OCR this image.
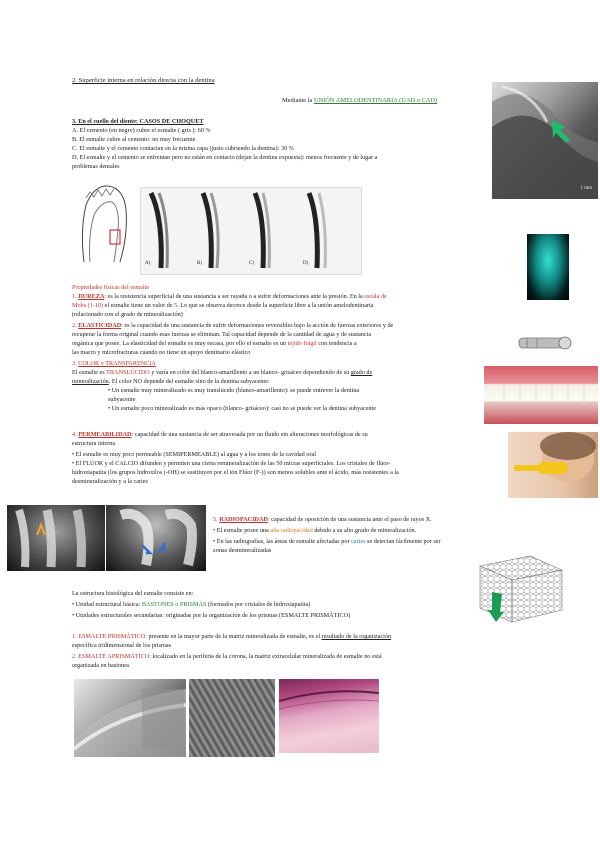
2. Superficie interna en relación directa con la dentina
Mediante la UNIÓN AMELODENTINARIA (UAD o CAD)
1 mm
3. En el cuello del diente: CASOS DE CHOQUET
A. El cemento (en negro) cubre el esmalte ( gris ): 60 %
B. El esmalte cubre al cemento: no muy frecuente
C. El esmalte y el cemento contactan en la misma capa (justo cubriendo la dentina): 30 %
D. El esmalte y el cemento se enfrentan pero no están en contacto (dejan la dentina expuesta): menos frecuente y de lugar a
problemas dentales
A)	B)	C)	D)
Propiedades físicas del esmalte
1. DUREZA: es la resistencia superficial de una sustancia a ser rayada o a sufrir deformaciones ante la presión. En la escala de
Mohs (1-10) el esmalte tiene un valor de 5. Lo que se observa decrece desde la superficie libre a la unión amelodentinaria
(relacionado con el grado de mineralización)
2. ELASTICIDAD: es la capacidad de una sustancia de sufrir deformaciones reversibles bajo la acción de fuerzas exteriores y de
recuperar la forma original cuando esas fuerzas se eliminan. Tal capacidad depende de la cantidad de agua y de sustancia
orgánica que posee. La elasticidad del esmalte es muy escasa, por ello el esmalte es un tejido frágil con tendencia a
las macro y microfracturas cuando no tiene un apoyo dentinario elástico
3. COLOR y TRANSPARENCIA
El esmalte es TRANSLÚCIDO y varía en color del blanco-amarillento a un blanco- grisáceo dependiendo de su grado de
mineralización. El color NO depende del esmalte sino de la dentina subyacente:
• Un esmalte muy mineralizado es muy translúcido (blanco-amarillento): se puede entrever la dentina
subyacente
• Un esmalte poco mineralizado es más opaco (blanco- grisáceo): casi no se puede ver la dentina subyacente
4. PERMEABILIDAD: capacidad de una sustancia de ser atravesada por un fluido sin alteraciones morfológicas de su
estructura interna
• El esmalte es muy poco permeable (SEMIPERMEABLE) al agua y a los iones de la cavidad oral
• El FLÚOR y el CALCIO difunden y permiten una cierta remineralización de las 50 micras superficiales. Los cristales de flúor-
hidroxiapatita (los grupos hidroxilos (-OH) se sustituyen por el ión Flúor (F-)) son menos solubles ante el ácido, más resistentes a la
desmineralización y a la caries
5. RADIOPACIDAD: capacidad de oposición de una sustancia ante el paso de rayos X.
• El esmalte posee una alta radiopacidad debido a su alto grado de mineralización.
• En las radiografías, las áreas de esmalte afectadas por caries se detectan fácilmente por ser
zonas desmineralizadas
La estructura histológica del esmalte consiste en:
• Unidad estructural básica: BASTONES o PRISMAS (formados por cristales de hidroxiapatita)
• Unidades estructurales secundarias: originadas por la organización de los prismas (ESMALTE PRISMÁTICO)
1. ESMALTE PRISMÁTICO: presente en la mayor parte de la matriz mineralizada de esmalte, es el resultado de la organización
específica tridimensional de los prismas
2. ESMALTE APRISMÁTICO: localizado en la periferia de la corona, la matriz extracelular mineralizada de esmalte no está
organizada en bastones
